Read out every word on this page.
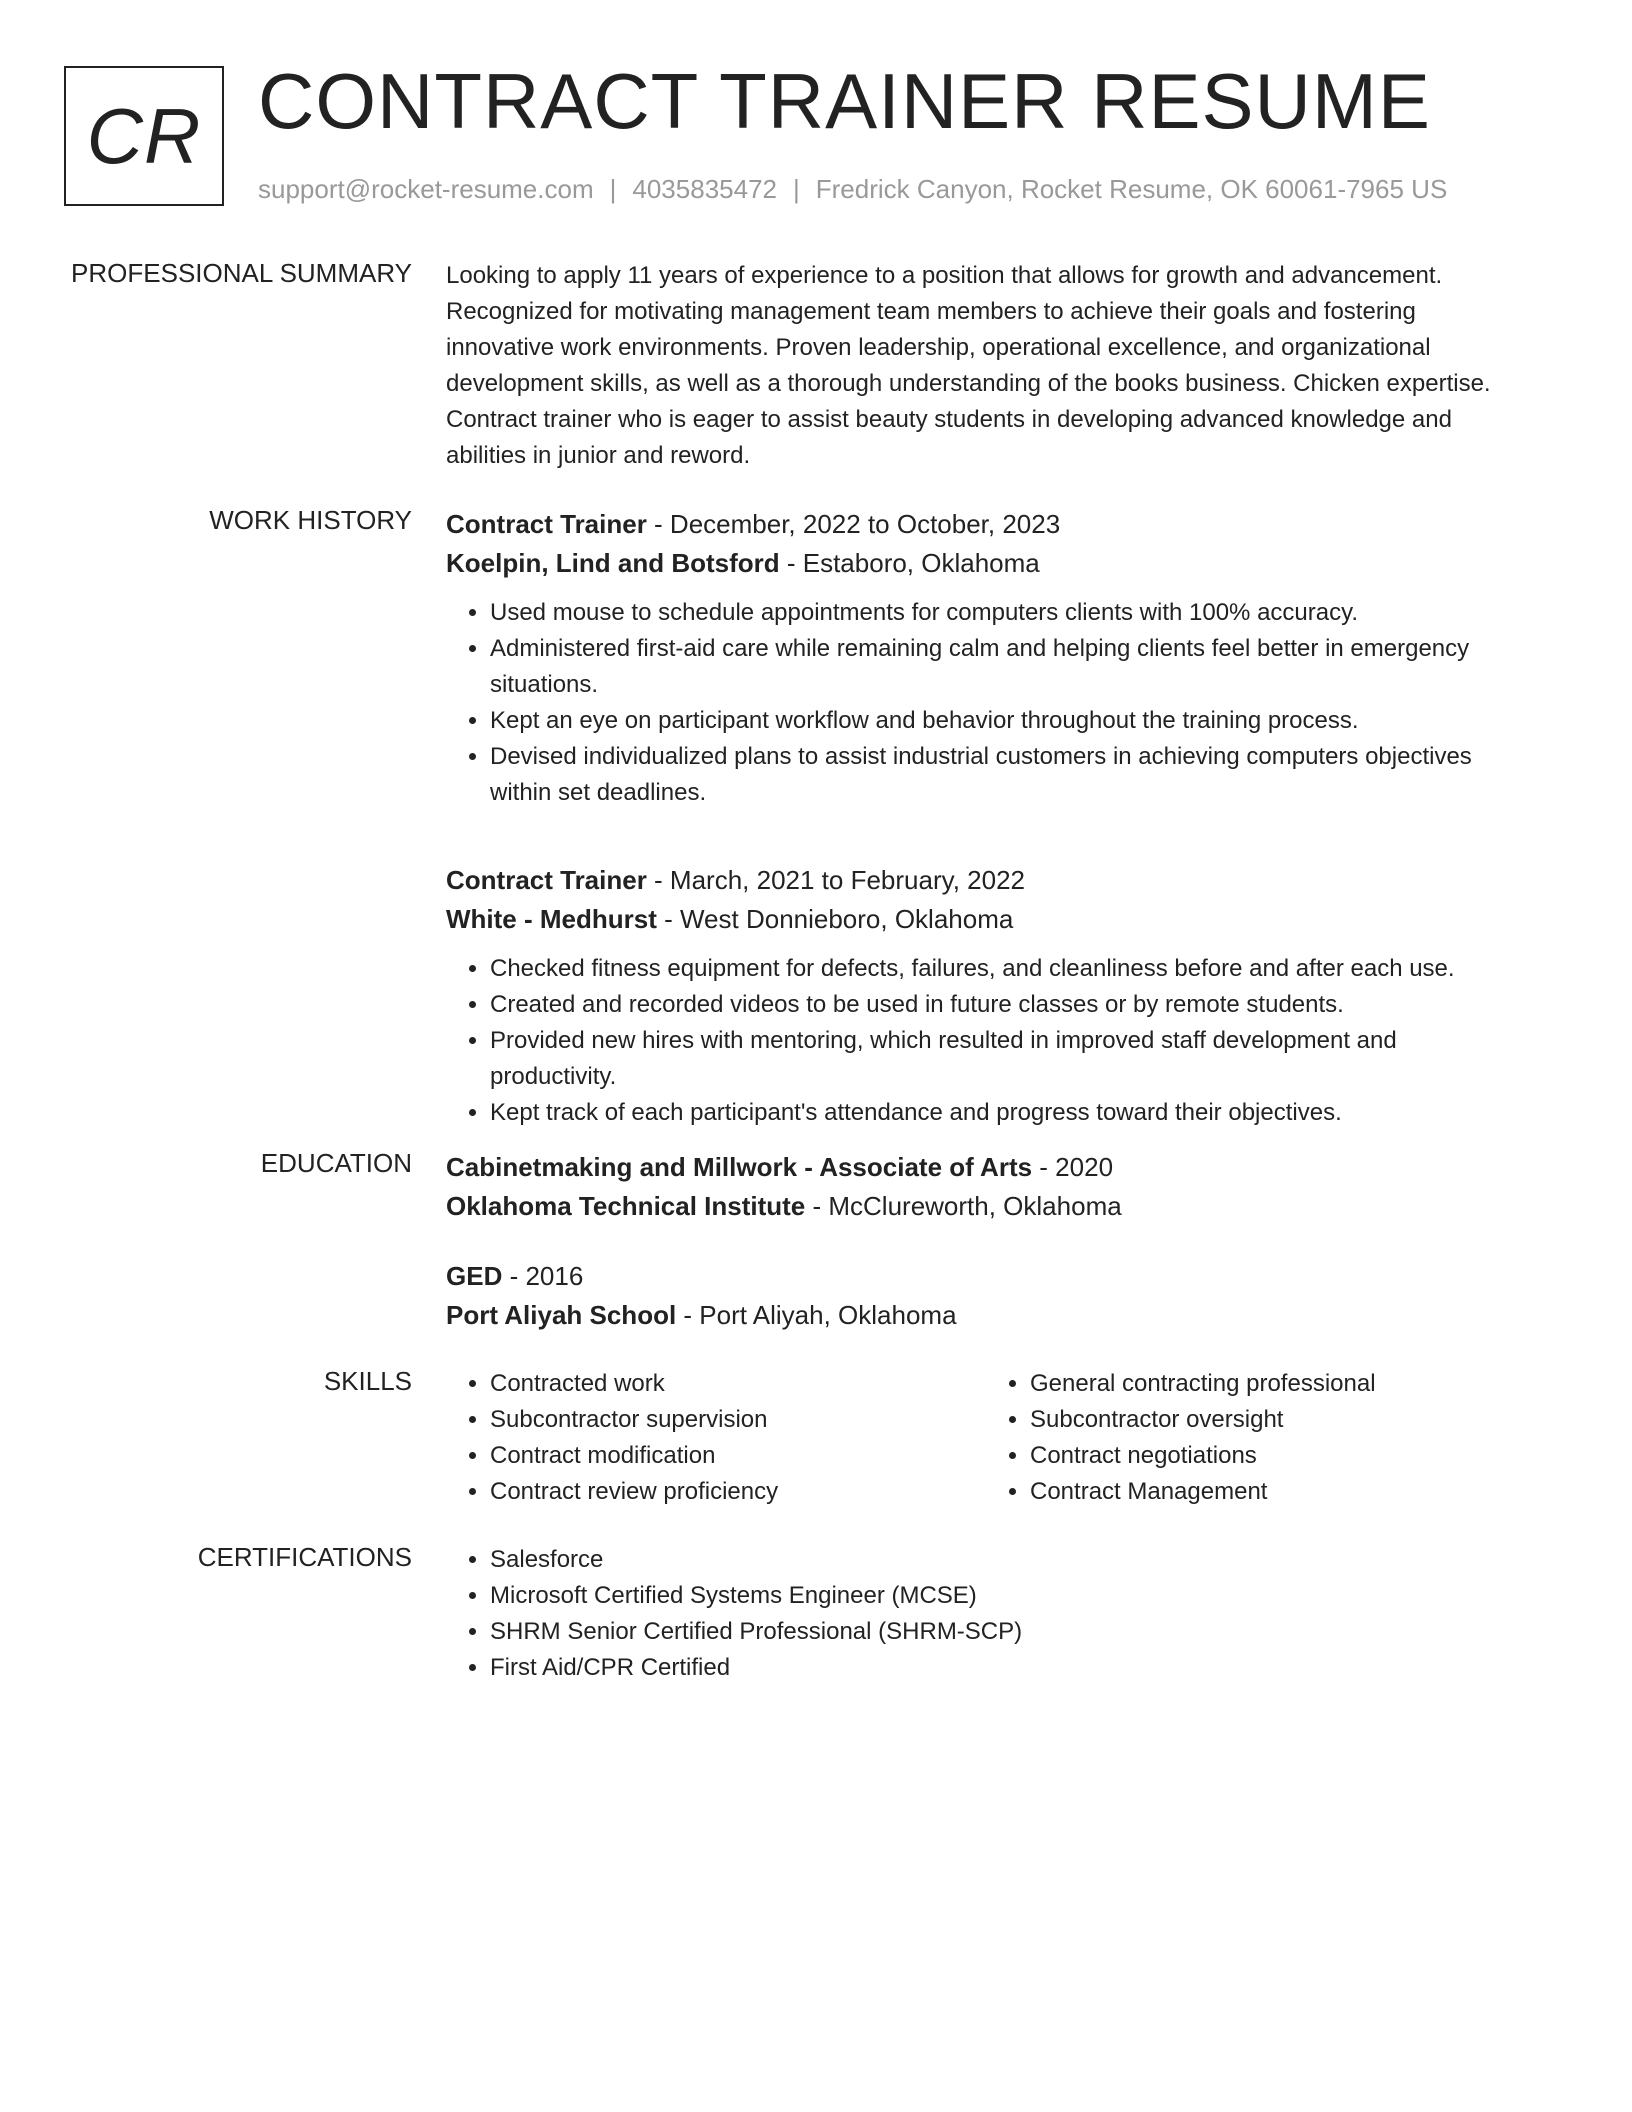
CR CONTRACT TRAINER RESUME
support@rocket-resume.com | 4035835472 | Fredrick Canyon, Rocket Resume, OK 60061-7965 US
PROFESSIONAL SUMMARY Looking to apply 11 years of experience to a position that allows for growth and advancement. Recognized for motivating management team members to achieve their goals and fostering innovative work environments. Proven leadership, operational excellence, and organizational development skills, as well as a thorough understanding of the books business. Chicken expertise. Contract trainer who is eager to assist beauty students in developing advanced knowledge and abilities in junior and reword.

WORK HISTORY Contract Trainer - December, 2022 to October, 2023
Koelpin, Lind and Botsford - Estaboro, Oklahoma
• Used mouse to schedule appointments for computers clients with 100% accuracy.
• Administered first-aid care while remaining calm and helping clients feel better in emergency situations.
• Kept an eye on participant workflow and behavior throughout the training process.
• Devised individualized plans to assist industrial customers in achieving computers objectives within set deadlines.
Contract Trainer - March, 2021 to February, 2022
White - Medhurst - West Donnieboro, Oklahoma
• Checked fitness equipment for defects, failures, and cleanliness before and after each use.
• Created and recorded videos to be used in future classes or by remote students.
• Provided new hires with mentoring, which resulted in improved staff development and productivity.
• Kept track of each participant's attendance and progress toward their objectives.
EDUCATION Cabinetmaking and Millwork - Associate of Arts - 2020
Oklahoma Technical Institute - McClureworth, Oklahoma
GED - 2016
Port Aliyah School - Port Aliyah, Oklahoma
SKILLS	• Contracted work
• Subcontractor supervision
• Contract modification
• Contract review proficiency
• General contracting professional
• Subcontractor oversight
• Contract negotiations
• Contract Management
CERTIFICATIONS	• Salesforce
• Microsoft Certified Systems Engineer (MCSE)
• SHRM Senior Certified Professional (SHRM-SCP)
• First Aid/CPR Certified
